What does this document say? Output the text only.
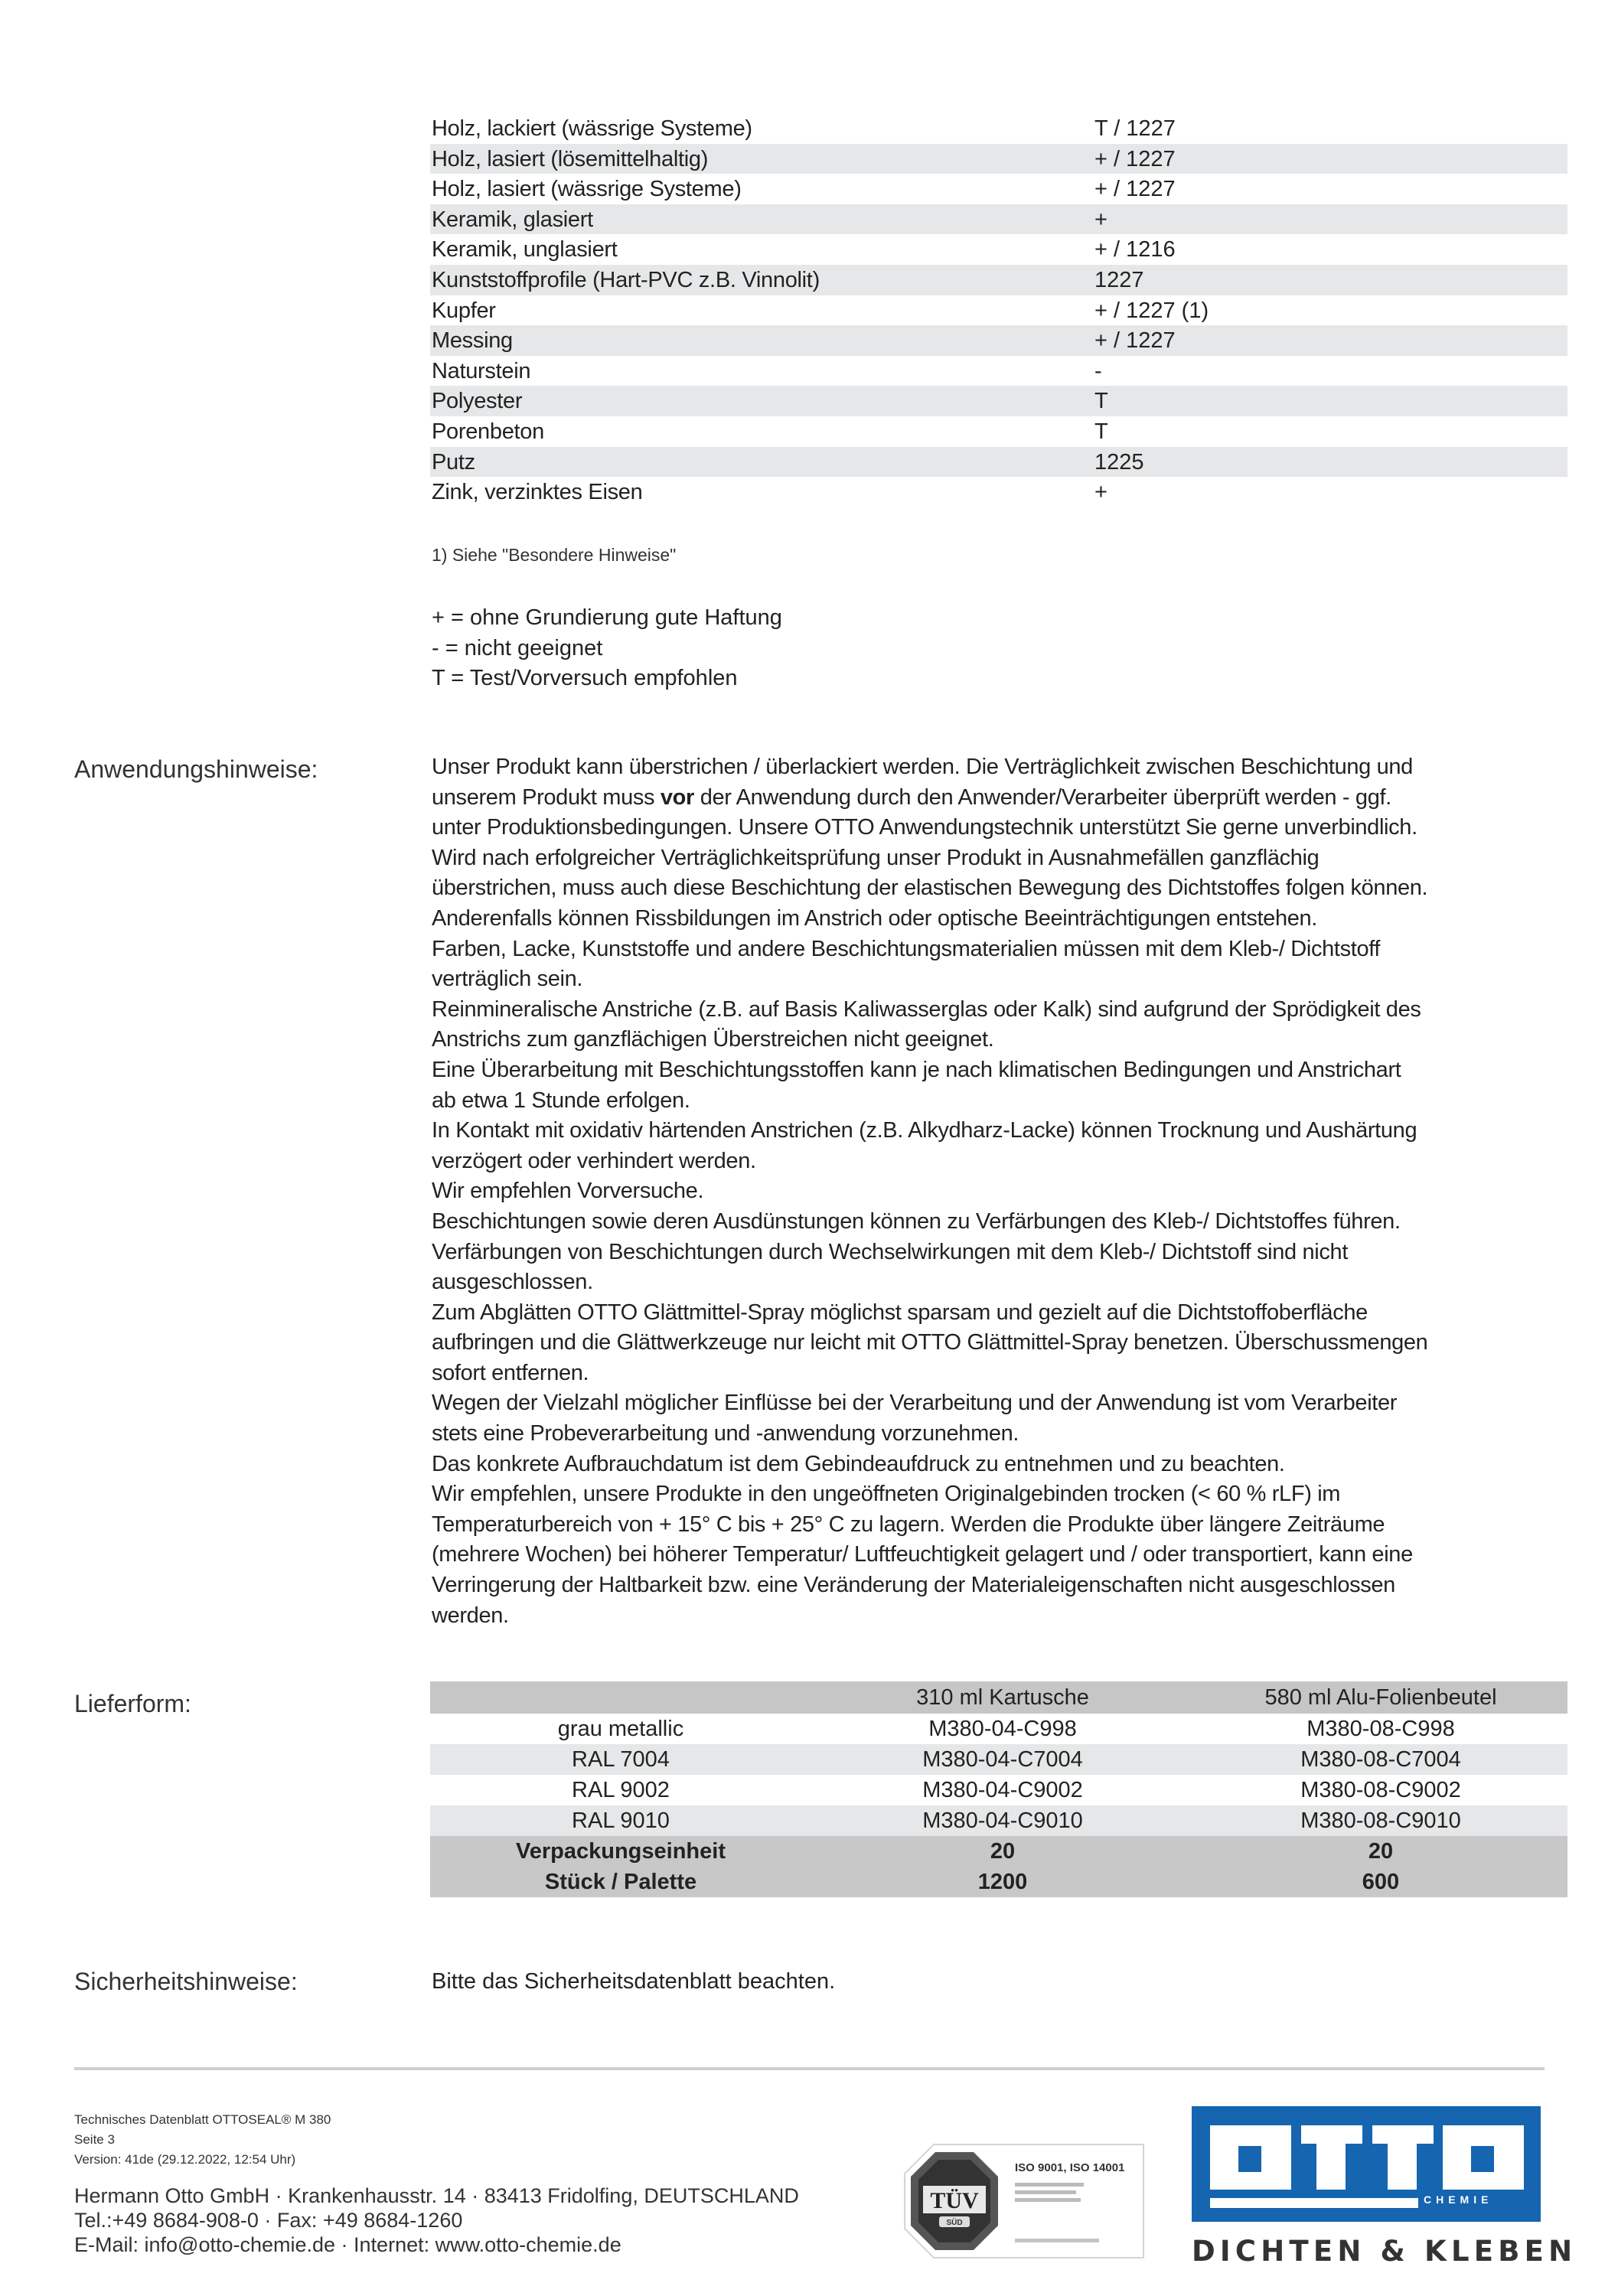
Holz, lackiert (wässrige Systeme)	T / 1227
Holz, lasiert (lösemittelhaltig)	+ / 1227
Holz, lasiert (wässrige Systeme)	+ / 1227
Keramik, glasiert	+
Keramik, unglasiert	+ / 1216
Kunststoffprofile (Hart-PVC z.B. Vinnolit)	1227
Kupfer	+ / 1227 (1)
Messing	+ / 1227
Naturstein	-
Polyester	T
Porenbeton	T
Putz	1225
Zink, verzinktes Eisen	+
1) Siehe "Besondere Hinweise"
+ = ohne Grundierung gute Haftung
- = nicht geeignet
T = Test/Vorversuch empfohlen
Anwendungshinweise:	Unser Produkt kann überstrichen / überlackiert werden. Die Verträglichkeit zwischen Beschichtung und
unserem Produkt muss vor der Anwendung durch den Anwender/Verarbeiter überprüft werden - ggf.
unter Produktionsbedingungen. Unsere OTTO Anwendungstechnik unterstützt Sie gerne unverbindlich.
Wird nach erfolgreicher Verträglichkeitsprüfung unser Produkt in Ausnahmefällen ganzflächig
überstrichen, muss auch diese Beschichtung der elastischen Bewegung des Dichtstoffes folgen können.
Anderenfalls können Rissbildungen im Anstrich oder optische Beeinträchtigungen entstehen.
Farben, Lacke, Kunststoffe und andere Beschichtungsmaterialien müssen mit dem Kleb-/ Dichtstoff
verträglich sein.
Reinmineralische Anstriche (z.B. auf Basis Kaliwasserglas oder Kalk) sind aufgrund der Sprödigkeit des
Anstrichs zum ganzflächigen Überstreichen nicht geeignet.
Eine Überarbeitung mit Beschichtungsstoffen kann je nach klimatischen Bedingungen und Anstrichart
ab etwa 1 Stunde erfolgen.
In Kontakt mit oxidativ härtenden Anstrichen (z.B. Alkydharz-Lacke) können Trocknung und Aushärtung
verzögert oder verhindert werden.
Wir empfehlen Vorversuche.
Beschichtungen sowie deren Ausdünstungen können zu Verfärbungen des Kleb-/ Dichtstoffes führen.
Verfärbungen von Beschichtungen durch Wechselwirkungen mit dem Kleb-/ Dichtstoff sind nicht
ausgeschlossen.
Zum Abglätten OTTO Glättmittel-Spray möglichst sparsam und gezielt auf die Dichtstoffoberfläche
aufbringen und die Glättwerkzeuge nur leicht mit OTTO Glättmittel-Spray benetzen. Überschussmengen
sofort entfernen.
Wegen der Vielzahl möglicher Einflüsse bei der Verarbeitung und der Anwendung ist vom Verarbeiter
stets eine Probeverarbeitung und -anwendung vorzunehmen.
Das konkrete Aufbrauchdatum ist dem Gebindeaufdruck zu entnehmen und zu beachten.
Wir empfehlen, unsere Produkte in den ungeöffneten Originalgebinden trocken (< 60 % rLF) im
Temperaturbereich von + 15° C bis + 25° C zu lagern. Werden die Produkte über längere Zeiträume
(mehrere Wochen) bei höherer Temperatur/ Luftfeuchtigkeit gelagert und / oder transportiert, kann eine
Verringerung der Haltbarkeit bzw. eine Veränderung der Materialeigenschaften nicht ausgeschlossen
werden.
Lieferform:
		310 ml Kartusche	580 ml Alu-Folienbeutel
grau metallic	M380-04-C998	M380-08-C998
RAL 7004	M380-04-C7004	M380-08-C7004
RAL 9002	M380-04-C9002	M380-08-C9002
RAL 9010	M380-04-C9010	M380-08-C9010
Verpackungseinheit	20	20
Stück / Palette	1200	600
Sicherheitshinweise:	Bitte das Sicherheitsdatenblatt beachten.
Technisches Datenblatt OTTOSEAL® M 380
Seite 3
Version: 41de (29.12.2022, 12:54 Uhr)
Hermann Otto GmbH · Krankenhausstr. 14 · 83413 Fridolfing, DEUTSCHLAND
Tel.:+49 8684-908-0 · Fax: +49 8684-1260
E-Mail: info@otto-chemie.de · Internet: www.otto-chemie.de
TÜV
SÜD
ISO 9001, ISO 14001
CHEMIE
DICHTEN & KLEBEN
